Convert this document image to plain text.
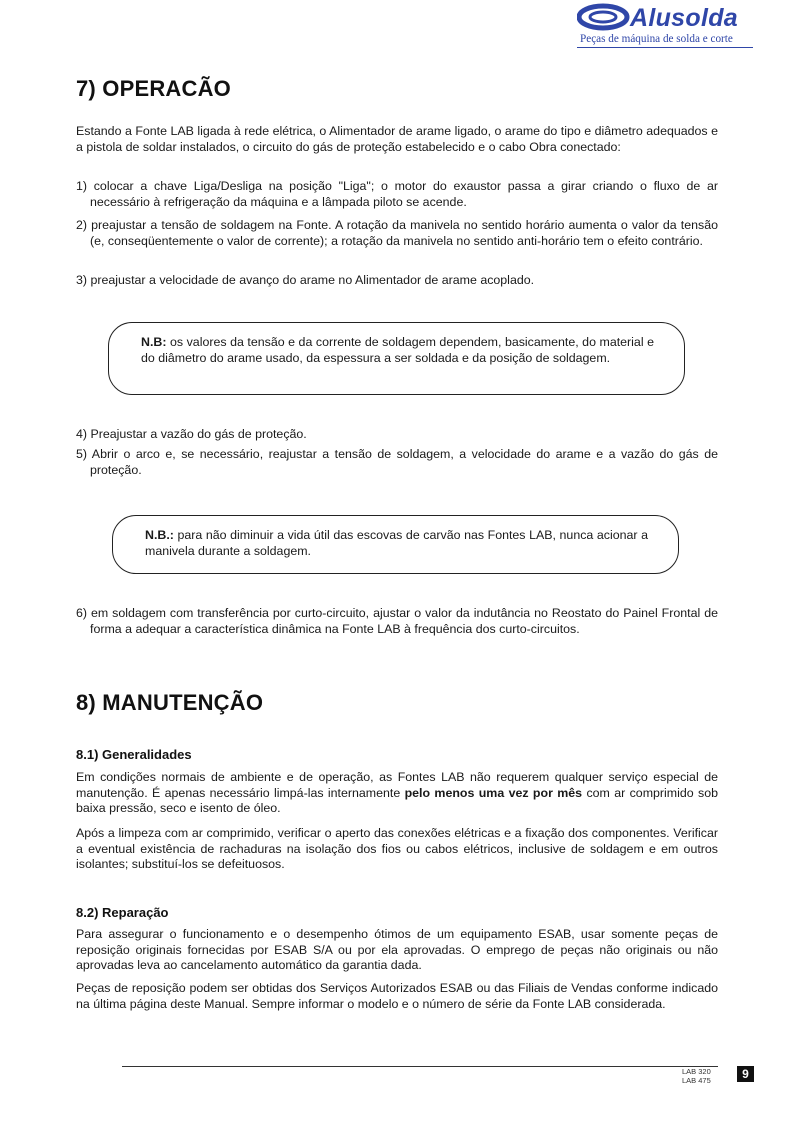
Alusolda
Peças de máquina de solda e corte
7) OPERACÃO
Estando a Fonte LAB ligada à rede elétrica, o Alimentador de arame ligado, o arame do tipo e diâmetro adequados e a pistola de soldar instalados, o circuito do gás de proteção estabelecido e o cabo Obra conectado:
1) colocar a chave Liga/Desliga na posição "Liga"; o motor do exaustor passa a girar criando o fluxo de ar necessário à refrigeração da máquina e a lâmpada piloto se acende.
2) preajustar a tensão de soldagem na Fonte. A rotação da manivela no sentido horário aumenta o valor da tensão (e, conseqüentemente o valor de corrente); a rotação da manivela no sentido anti-horário tem o efeito contrário.
3) preajustar a velocidade de avanço do arame no Alimentador de arame acoplado.
N.B: os valores da tensão e da corrente de soldagem dependem, basicamente, do material e do diâmetro do arame usado, da espessura a ser soldada e da posição de soldagem.
4) Preajustar a vazão do gás de proteção.
5) Abrir o arco e, se necessário, reajustar a tensão de soldagem, a velocidade do arame e a vazão do gás de proteção.
N.B.: para não diminuir a vida útil das escovas de carvão nas Fontes LAB, nunca acionar a manivela durante a soldagem.
6) em soldagem com transferência por curto-circuito, ajustar o valor da indutância no Reostato do Painel Frontal de forma a adequar a característica dinâmica na Fonte LAB à frequência dos curto-circuitos.
8) MANUTENÇÃO
8.1) Generalidades
Em condições normais de ambiente e de operação, as Fontes LAB não requerem qualquer serviço especial de manutenção. É apenas necessário limpá-las internamente pelo menos uma vez por mês com ar comprimido sob baixa pressão, seco e isento de óleo.
Após a limpeza com ar comprimido, verificar o aperto das conexões elétricas e a fixação dos componentes. Verificar a eventual existência de rachaduras na isolação dos fios ou cabos elétricos, inclusive de soldagem e em outros isolantes; substituí-los se defeituosos.
8.2) Reparação
Para assegurar o funcionamento e o desempenho ótimos de um equipamento ESAB, usar somente peças de reposição originais fornecidas por ESAB S/A ou por ela aprovadas. O emprego de peças não originais ou não aprovadas leva ao cancelamento automático da garantia dada.
Peças de reposição podem ser obtidas dos Serviços Autorizados ESAB ou das Filiais de Vendas conforme indicado na última página deste Manual. Sempre informar o modelo e o número de série da Fonte LAB considerada.
LAB 320
LAB 475	9
